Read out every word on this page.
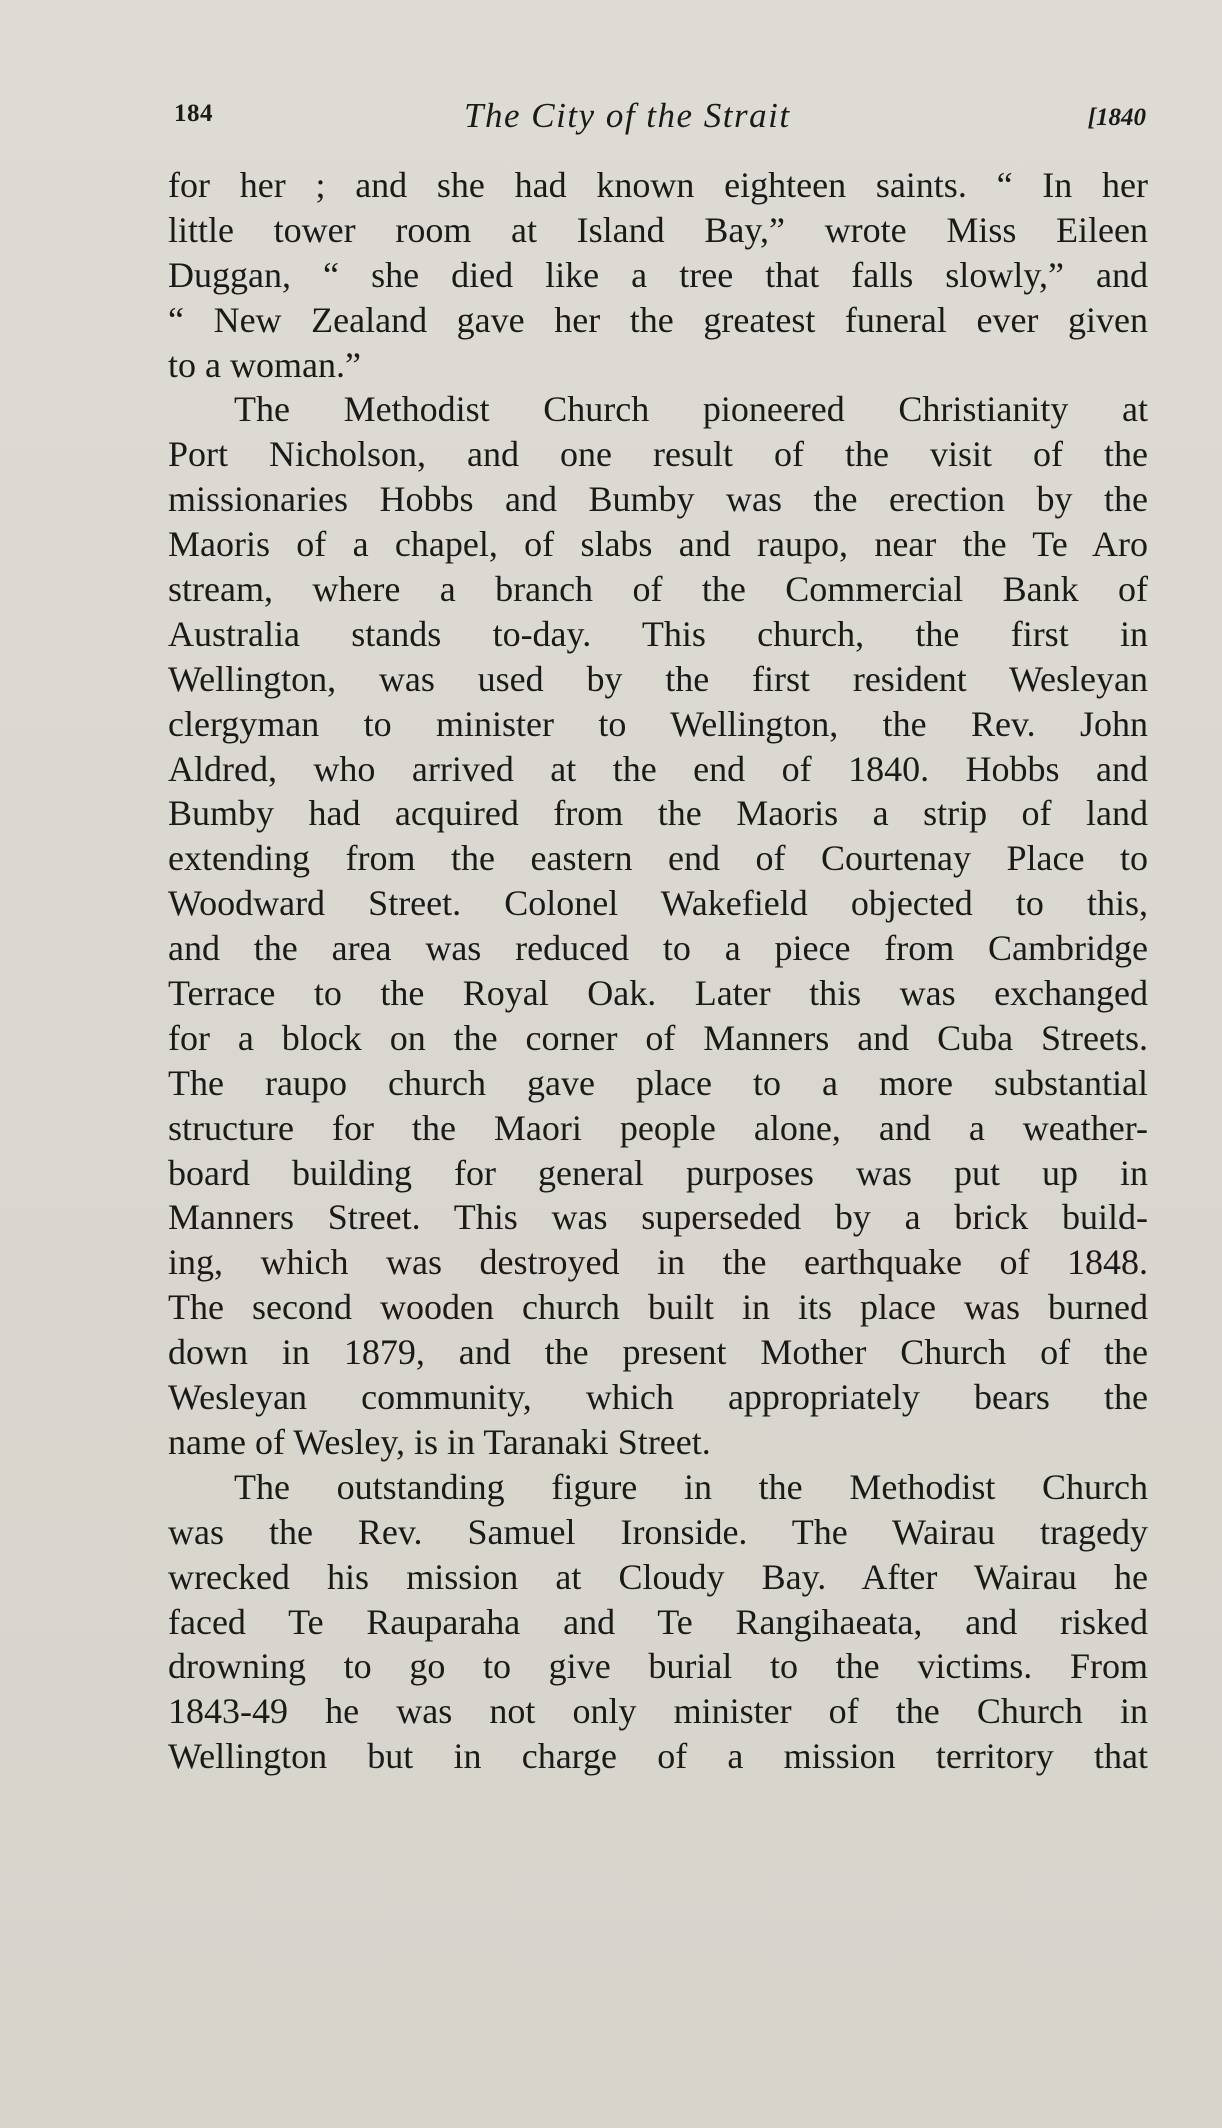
184	The City of the Strait	[1840
for her ; and she had known eighteen saints. “ In her
little tower room at Island Bay,” wrote Miss Eileen
Duggan, “ she died like a tree that falls slowly,” and
“ New Zealand gave her the greatest funeral ever given
to a woman.”
The Methodist Church pioneered Christianity at
Port Nicholson, and one result of the visit of the
missionaries Hobbs and Bumby was the erection by the
Maoris of a chapel, of slabs and raupo, near the Te Aro
stream, where a branch of the Commercial Bank of
Australia stands to-day. This church, the first in
Wellington, was used by the first resident Wesleyan
clergyman to minister to Wellington, the Rev. John
Aldred, who arrived at the end of 1840. Hobbs and
Bumby had acquired from the Maoris a strip of land
extending from the eastern end of Courtenay Place to
Woodward Street. Colonel Wakefield objected to this,
and the area was reduced to a piece from Cambridge
Terrace to the Royal Oak. Later this was exchanged
for a block on the corner of Manners and Cuba Streets.
The raupo church gave place to a more substantial
structure for the Maori people alone, and a weather-
board building for general purposes was put up in
Manners Street. This was superseded by a brick build-
ing, which was destroyed in the earthquake of 1848.
The second wooden church built in its place was burned
down in 1879, and the present Mother Church of the
Wesleyan community, which appropriately bears the
name of Wesley, is in Taranaki Street.
The outstanding figure in the Methodist Church
was the Rev. Samuel Ironside. The Wairau tragedy
wrecked his mission at Cloudy Bay. After Wairau he
faced Te Rauparaha and Te Rangihaeata, and risked
drowning to go to give burial to the victims. From
1843-49 he was not only minister of the Church in
Wellington but in charge of a mission territory that
